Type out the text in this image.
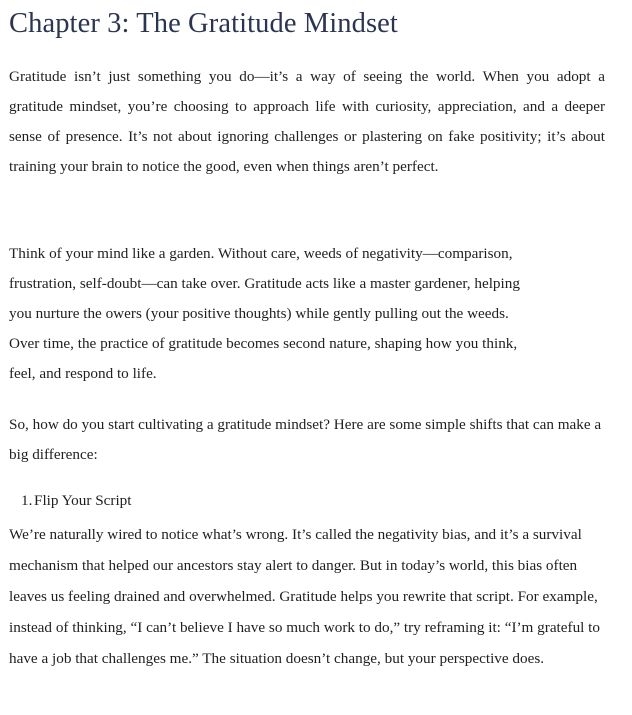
Chapter 3: The Gratitude Mindset

Gratitude isn’t just something you do—it’s a way of seeing the world. When you adopt a gratitude mindset, you’re choosing to approach life with curiosity, appreciation, and a deeper sense of presence. It’s not about ignoring challenges or plastering on fake positivity; it’s about training your brain to notice the good, even when things aren’t perfect.

Think of your mind like a garden. Without care, weeds of negativity—comparison, frustration, self-doubt—can take over. Gratitude acts like a master gardener, helping you nurture the owers (your positive thoughts) while gently pulling out the weeds. Over time, the practice of gratitude becomes second nature, shaping how you think, feel, and respond to life.

So, how do you start cultivating a gratitude mindset? Here are some simple shifts that can make a big difference:

1. Flip Your Script

We’re naturally wired to notice what’s wrong. It’s called the negativity bias, and it’s a survival mechanism that helped our ancestors stay alert to danger. But in today’s world, this bias often leaves us feeling drained and overwhelmed. Gratitude helps you rewrite that script. For example, instead of thinking, “I can’t believe I have so much work to do,” try reframing it: “I’m grateful to have a job that challenges me.” The situation doesn’t change, but your perspective does.
